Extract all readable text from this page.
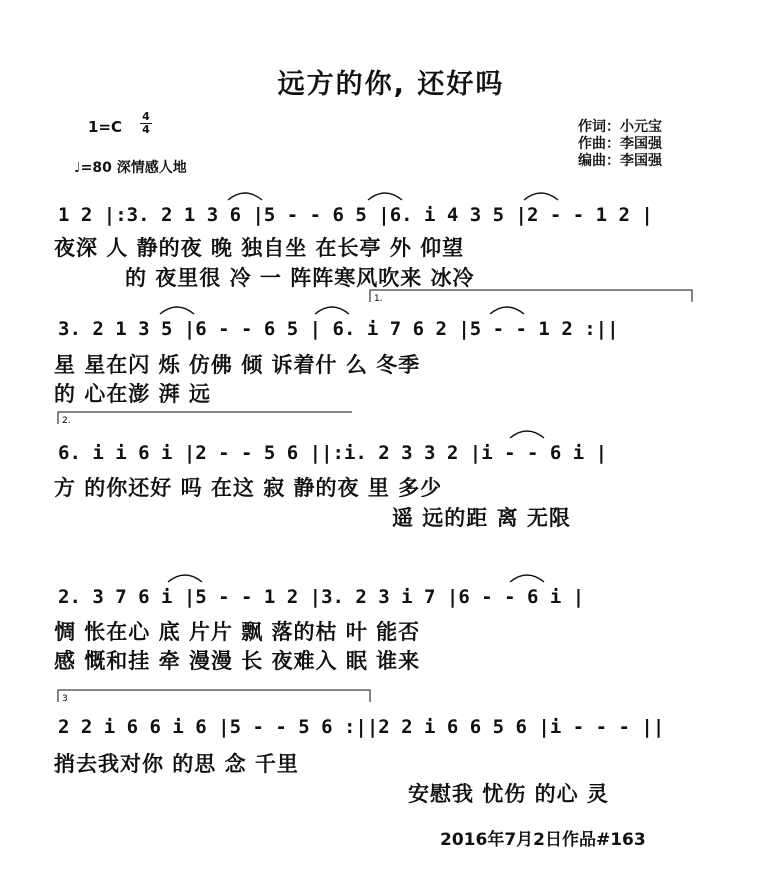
远方的你, 还好吗
1=C
4
4
♩=80 深情感人地
作词：小元宝
作曲：李国强
编曲：李国强
1 2 |:3. 2 1 3 6 |5 - - 6 5 |6. i 4 3 5 |2 - - 1 2 |
夜深 人 静的夜 晚 独自坐 在长亭 外 仰望
的 夜里很 冷 一 阵阵寒风吹来 冰冷
3. 2 1 3 5 |6 - - 6 5 | 6. i 7 6 2 |5 - - 1 2 :||
星 星在闪 烁 仿佛 倾 诉着什 么 冬季
的 心在澎 湃 远
6. i i 6 i |2 - - 5 6 ||:i. 2 3 3 2 |i - - 6 i |
方 的你还好 吗 在这 寂 静的夜 里 多少
遥 远的距 离 无限
2. 3 7 6 i |5 - - 1 2 |3. 2 3 i 7 |6 - - 6 i |
惆 怅在心 底 片片 飘 落的枯 叶 能否
感 慨和挂 牵 漫漫 长 夜难入 眠 谁来
2 2 i 6 6 i 6 |5 - - 5 6 :||2 2 i 6 6 5 6 |i - - - ||
捎去我对你 的思 念 千里
安慰我 忧伤 的心 灵
2016年7月2日作品#163
1.
2.
3
